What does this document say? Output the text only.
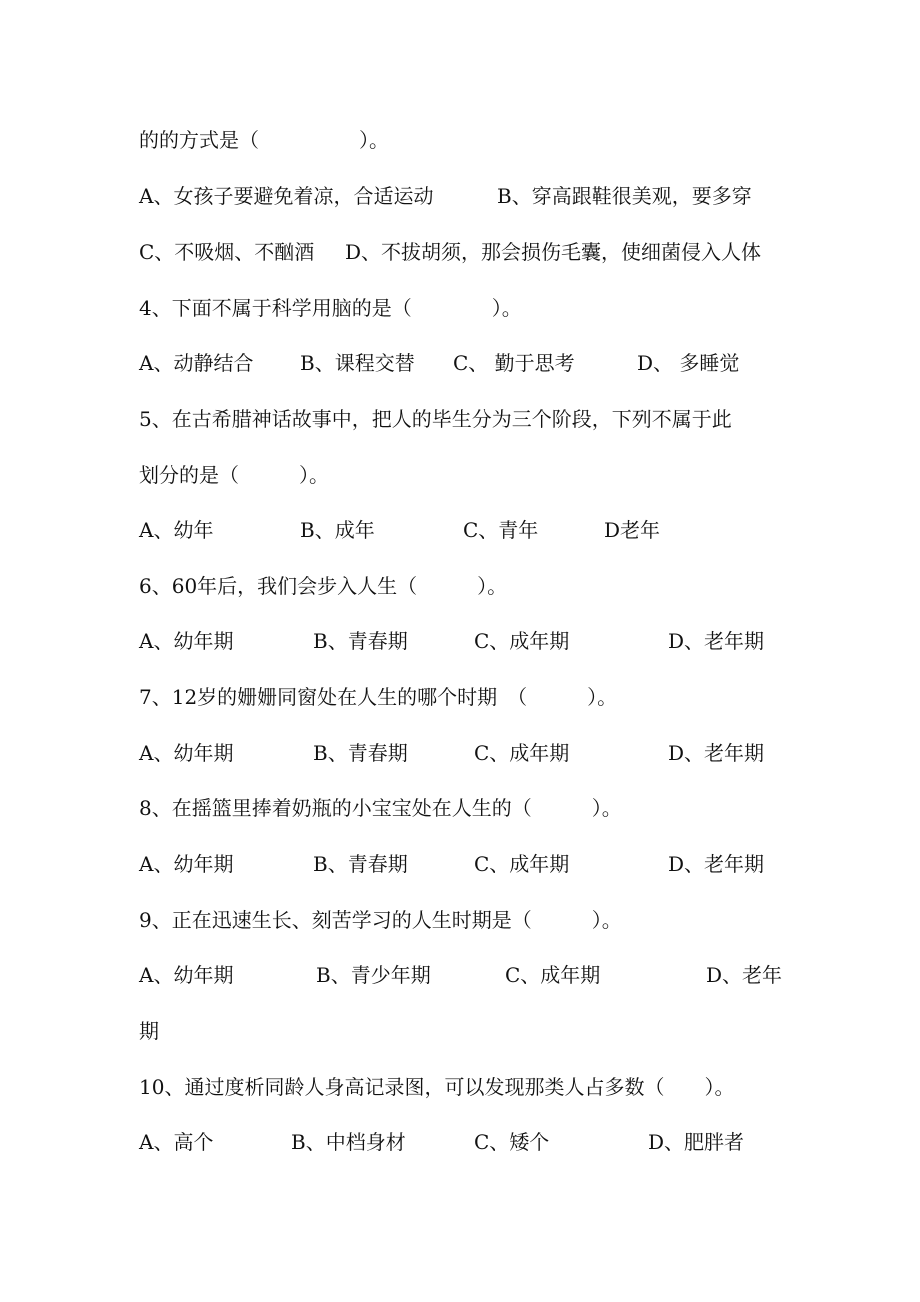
的的方式是（　　　　　）。
A、女孩子要避免着凉，合适运动	B、穿高跟鞋很美观，要多穿
C、不吸烟、不酗酒 D、不拔胡须，那会损伤毛囊，使细菌侵入人体
4、下面不属于科学用脑的是（　　　　）。
A、动静结合 B、课程交替 C、 勤于思考	D、 多睡觉
5、在古希腊神话故事中，把人的毕生分为三个阶段，下列不属于此
划分的是（　　　）。
A、幼年	B、成年	C、青年	D老年
6、60年后，我们会步入人生（　　　）。
A、幼年期	B、青春期	C、成年期	D、老年期
7、12岁的姗姗同窗处在人生的哪个时期　（　　　）。
A、幼年期	B、青春期	C、成年期	D、老年期
8、在摇篮里捧着奶瓶的小宝宝处在人生的（　　　）。
A、幼年期	B、青春期	C、成年期	D、老年期
9、正在迅速生长、刻苦学习的人生时期是（　　　）。
A、幼年期	B、青少年期	C、成年期	D、老年
期
10、通过度析同龄人身高记录图，可以发现那类人占多数（　　）。
A、高个	B、中档身材	C、矮个	D、肥胖者
